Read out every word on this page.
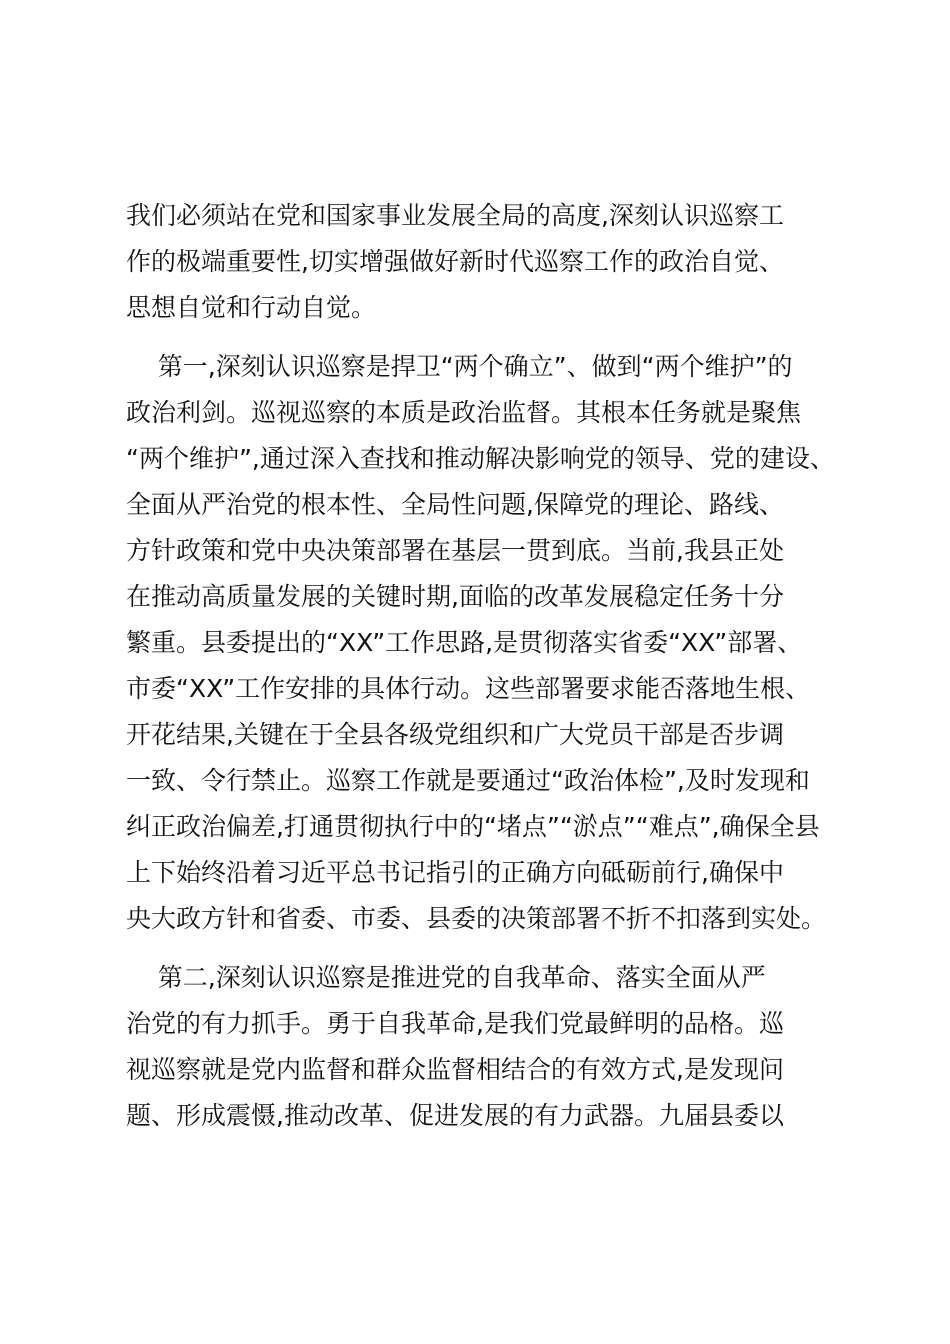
我们必须站在党和国家事业发展全局的高度,深刻认识巡察工
作的极端重要性,切实增强做好新时代巡察工作的政治自觉、
思想自觉和行动自觉。
第一,深刻认识巡察是捍卫“两个确立”、做到“两个维护”的
政治利剑。巡视巡察的本质是政治监督。其根本任务就是聚焦
“两个维护”,通过深入查找和推动解决影响党的领导、党的建设、
全面从严治党的根本性、全局性问题,保障党的理论、路线、
方针政策和党中央决策部署在基层一贯到底。当前,我县正处
在推动高质量发展的关键时期,面临的改革发展稳定任务十分
繁重。县委提出的“XX”工作思路,是贯彻落实省委“XX”部署、
市委“XX”工作安排的具体行动。这些部署要求能否落地生根、
开花结果,关键在于全县各级党组织和广大党员干部是否步调
一致、令行禁止。巡察工作就是要通过“政治体检”,及时发现和
纠正政治偏差,打通贯彻执行中的“堵点”“淤点”“难点”,确保全县
上下始终沿着习近平总书记指引的正确方向砥砺前行,确保中
央大政方针和省委、市委、县委的决策部署不折不扣落到实处。
第二,深刻认识巡察是推进党的自我革命、落实全面从严
治党的有力抓手。勇于自我革命,是我们党最鲜明的品格。巡
视巡察就是党内监督和群众监督相结合的有效方式,是发现问
题、形成震慑,推动改革、促进发展的有力武器。九届县委以
